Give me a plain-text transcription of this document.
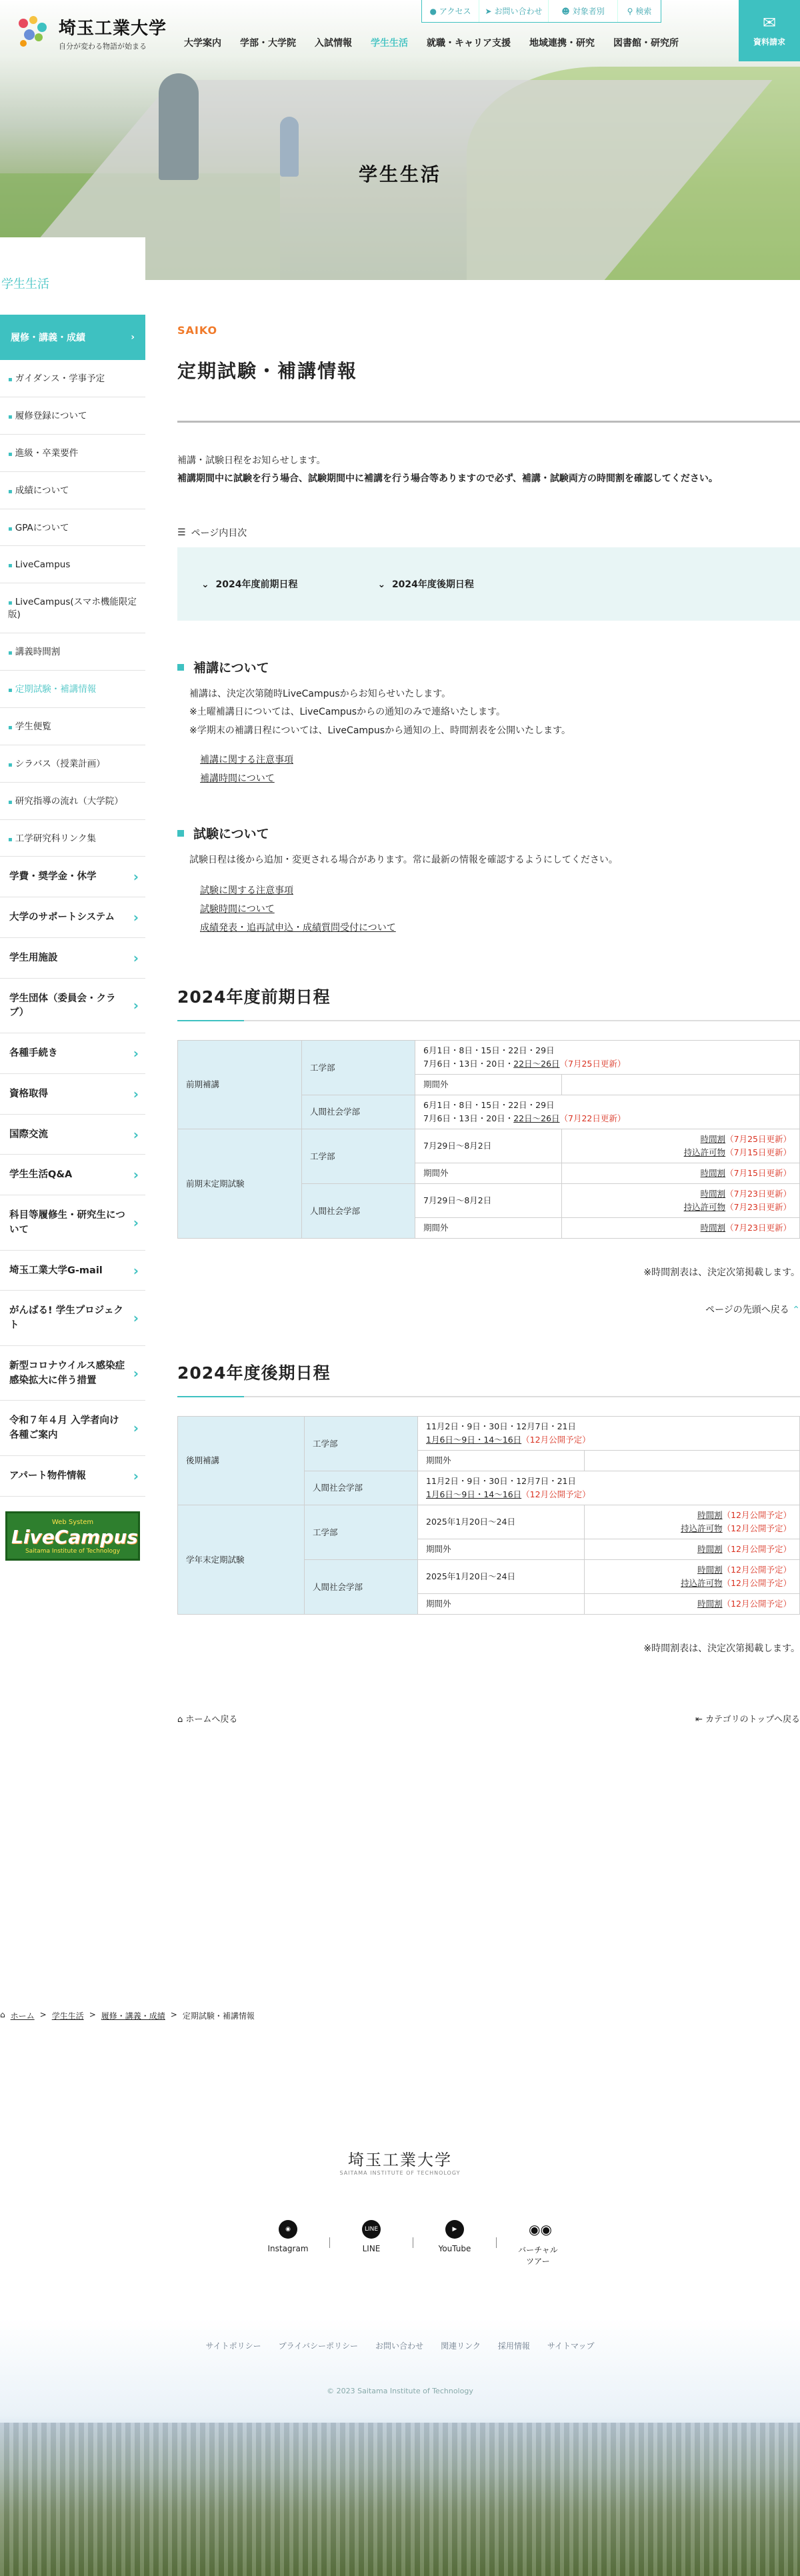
学生生活
埼玉工業大学
自分が変わる物語が始まる
● アクセス ➤ お問い合わせ ☻ 対象者別	⚲ 検索
大学案内	学部・大学院	入試情報	学生生活	就職・キャリア支援	地域連携・研究	図書館・研究所
✉
資料請求
学生生活
履修・講義・成績	›
▪ ガイダンス・学事予定
▪ 履修登録について
▪ 進級・卒業要件
▪ 成績について
▪ GPAについて
▪ LiveCampus
▪ LiveCampus(スマホ機能限定版)
▪ 講義時間割
▪ 定期試験・補講情報
▪ 学生便覧
▪ シラバス（授業計画）
▪ 研究指導の流れ（大学院）
▪ 工学研究科リンク集
学費・奨学金・休学 ›
大学のサポートシステム ›
学生用施設 ›
学生団体（委員会・クラブ） ›
各種手続き ›
資格取得 ›
国際交流 ›
学生生活Q&A ›
科目等履修生・研究生について ›
埼玉工業大学G-mail ›
がんばる! 学生プロジェクト ›
新型コロナウイルス感染症 感染拡大に伴う措置 ›
令和７年４月 入学者向け 各種ご案内 ›
アパート物件情報 ›
Web System
LiveCampus
Saitama Institute of Technology
SAIKO
定期試験・補講情報
補講・試験日程をお知らせします。
補講期間中に試験を行う場合、試験期間中に補講を行う場合等ありますので必ず、補講・試験両方の時間割を確認してください。
☰ ページ内目次
⌄ 2024年度前期日程	⌄ 2024年度後期日程
補講について
補講は、決定次第随時LiveCampusからお知らせいたします。
※土曜補講日については、LiveCampusからの通知のみで連絡いたします。
※学期末の補講日程については、LiveCampusから通知の上、時間割表を公開いたします。
補講に関する注意事項
補講時間について
試験について
試験日程は後から追加・変更される場合があります。常に最新の情報を確認するようにしてください。
試験に関する注意事項
試験時間について
成績発表・追再試申込・成績質問受付について
2024年度前期日程
前期補講	工学部	6月1日・8日・15日・22日・29日
7月6日・13日・20日・22日〜26日（7月25日更新）	
		期間外	
	人間社会学部	6月1日・8日・15日・22日・29日
7月6日・13日・20日・22日〜26日（7月22日更新）	
前期末定期試験	工学部	7月29日〜8月2日	時間割（7月25日更新）
持込許可物（7月15日更新）

		期間外	時間割（7月15日更新）
	人間社会学部	7月29日〜8月2日	時間割（7月23日更新）
持込許可物（7月23日更新）

		期間外	時間割（7月23日更新）
※時間割表は、決定次第掲載します。
ページの先頭へ戻る ⌃
2024年度後期日程
後期補講	工学部	11月2日・9日・30日・12月7日・21日
1月6日〜9日・14〜16日（12月公開予定）	
		期間外	
	人間社会学部	11月2日・9日・30日・12月7日・21日
1月6日〜9日・14〜16日（12月公開予定）	
学年末定期試験	工学部	2025年1月20日〜24日	時間割（12月公開予定）
持込許可物（12月公開予定）

		期間外	時間割（12月公開予定）
	人間社会学部	2025年1月20日〜24日	時間割（12月公開予定）
持込許可物（12月公開予定）

		期間外	時間割（12月公開予定）
※時間割表は、決定次第掲載します。
⌂ ホームへ戻る	⇤ カテゴリのトップへ戻る
⌂ ホーム > 学生生活 > 履修・講義・成績 > 定期試験・補講情報
埼玉工業大学
SAITAMA INSTITUTE OF TECHNOLOGY
◉
Instagram
LINE
LINE
▶
YouTube
◉◉
バーチャルツアー
サイトポリシー プライバシーポリシー お問い合わせ 関連リンク 採用情報 サイトマップ
© 2023 Saitama Institute of Technology
